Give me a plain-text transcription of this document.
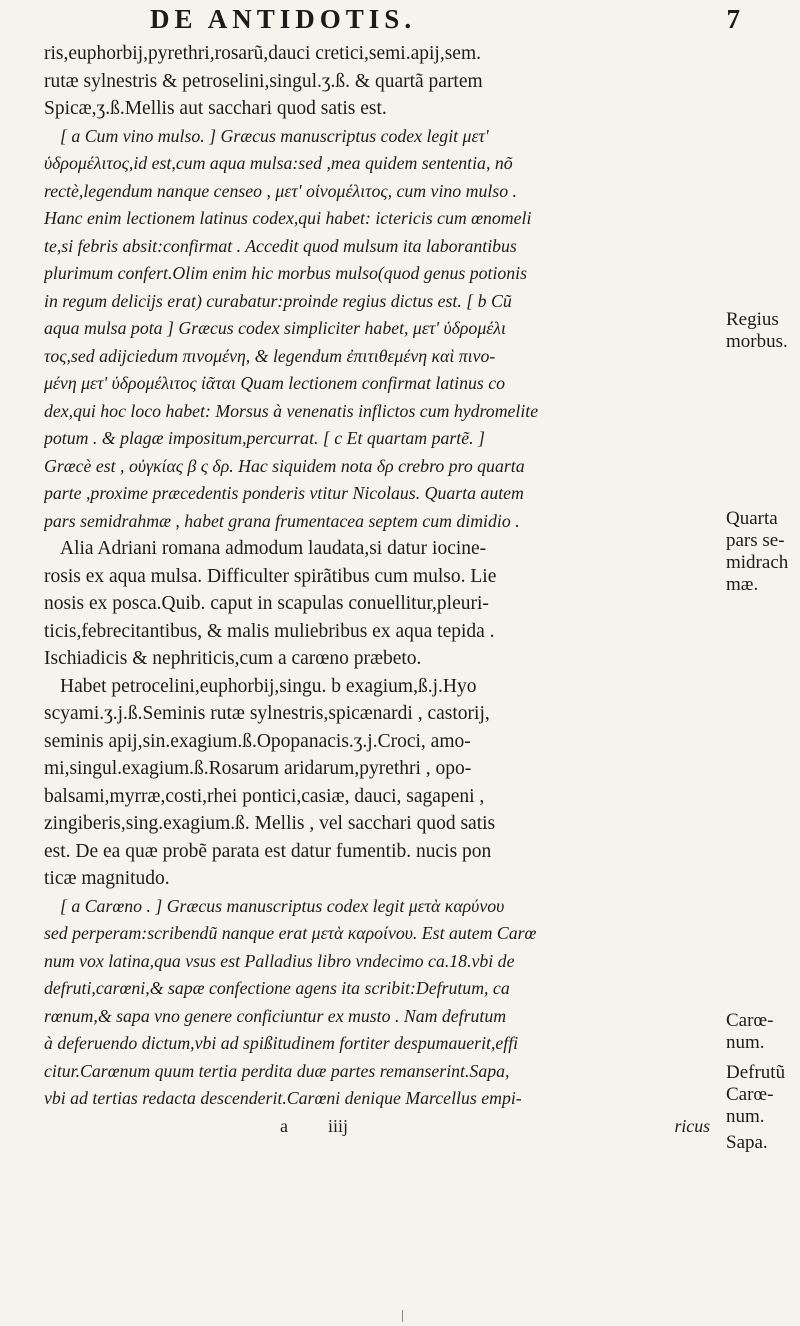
DE ANTIDOTIS.	7
ris,euphorbij,pyrethri,rosarũ,dauci cretici,semi.apij,sem.
rutæ sylnestris & petroselini,singul.ʒ.ß. & quartã partem
Spicæ,ʒ.ß.Mellis aut sacchari quod satis est.
[ a Cum vino mulso. ] Græcus manuscriptus codex legit μετ'
ὑδρομέλιτος,id est,cum aqua mulsa:sed ,mea quidem sententia, nõ
rectè,legendum nanque censeo , μετ' οἰνομέλιτος, cum vino mulso .
Hanc enim lectionem latinus codex,qui habet: ictericis cum œnomeli
te,si febris absit:confirmat . Accedit quod mulsum ita laborantibus
plurimum confert.Olim enim hic morbus mulso(quod genus potionis
in regum delicijs erat) curabatur:proinde regius dictus est. [ b Cũ
aqua mulsa pota ] Græcus codex simpliciter habet, μετ' ὑδρομέλι
τος,sed adijciedum πινομένη, & legendum ἐπιτιθεμένη καὶ πινο-
μένη μετ' ὑδρομέλιτος ἰᾶται Quam lectionem confirmat latinus co
dex,qui hoc loco habet: Morsus à venenatis inflictos cum hydromelite
potum . & plagæ impositum,percurrat. [ c Et quartam partẽ. ]
Græcè est , οὐγκίας β ς δρ. Hac siquidem nota δρ crebro pro quarta
parte ,proxime præcedentis ponderis vtitur Nicolaus. Quarta autem
pars semidrahmæ , habet grana frumentacea septem cum dimidio .
Alia Adriani romana admodum laudata,si datur iocine-
rosis ex aqua mulsa. Difficulter spirãtibus cum mulso. Lie
nosis ex posca.Quib. caput in scapulas conuellitur,pleuri-
ticis,febrecitantibus, & malis muliebribus ex aqua tepida .
Ischiadicis & nephriticis,cum a carœno præbeto.
Habet petrocelini,euphorbij,singu. b exagium,ß.j.Hyo
scyami.ʒ.j.ß.Seminis rutæ sylnestris,spicænardi , castorij,
seminis apij,sin.exagium.ß.Opopanacis.ʒ.j.Croci, amo-
mi,singul.exagium.ß.Rosarum aridarum,pyrethri , opo-
balsami,myrræ,costi,rhei pontici,casiæ, dauci, sagapeni ,
zingiberis,sing.exagium.ß. Mellis , vel sacchari quod satis
est. De ea quæ probẽ parata est datur fumentib. nucis pon
ticæ magnitudo.
[ a Carœno . ] Græcus manuscriptus codex legit μετὰ καρύνου
sed perperam:scribendũ nanque erat μετὰ καροίνου. Est autem Carœ
num vox latina,qua vsus est Palladius libro vndecimo ca.18.vbi de
defruti,carœni,& sapæ confectione agens ita scribit:Defrutum, ca
rœnum,& sapa vno genere conficiuntur ex musto . Nam defrutum
à deferuendo dictum,vbi ad spißitudinem fortiter despumauerit,effi
citur.Carœnum quum tertia perdita duæ partes remanserint.Sapa,
vbi ad tertias redacta descenderit.Carœni denique Marcellus empi-
a iiij	ricus
Regius
morbus.
Quarta
pars se-
midrach
mæ.
Carœ-
num.
Defrutũ
Carœ-
num.
Sapa.
